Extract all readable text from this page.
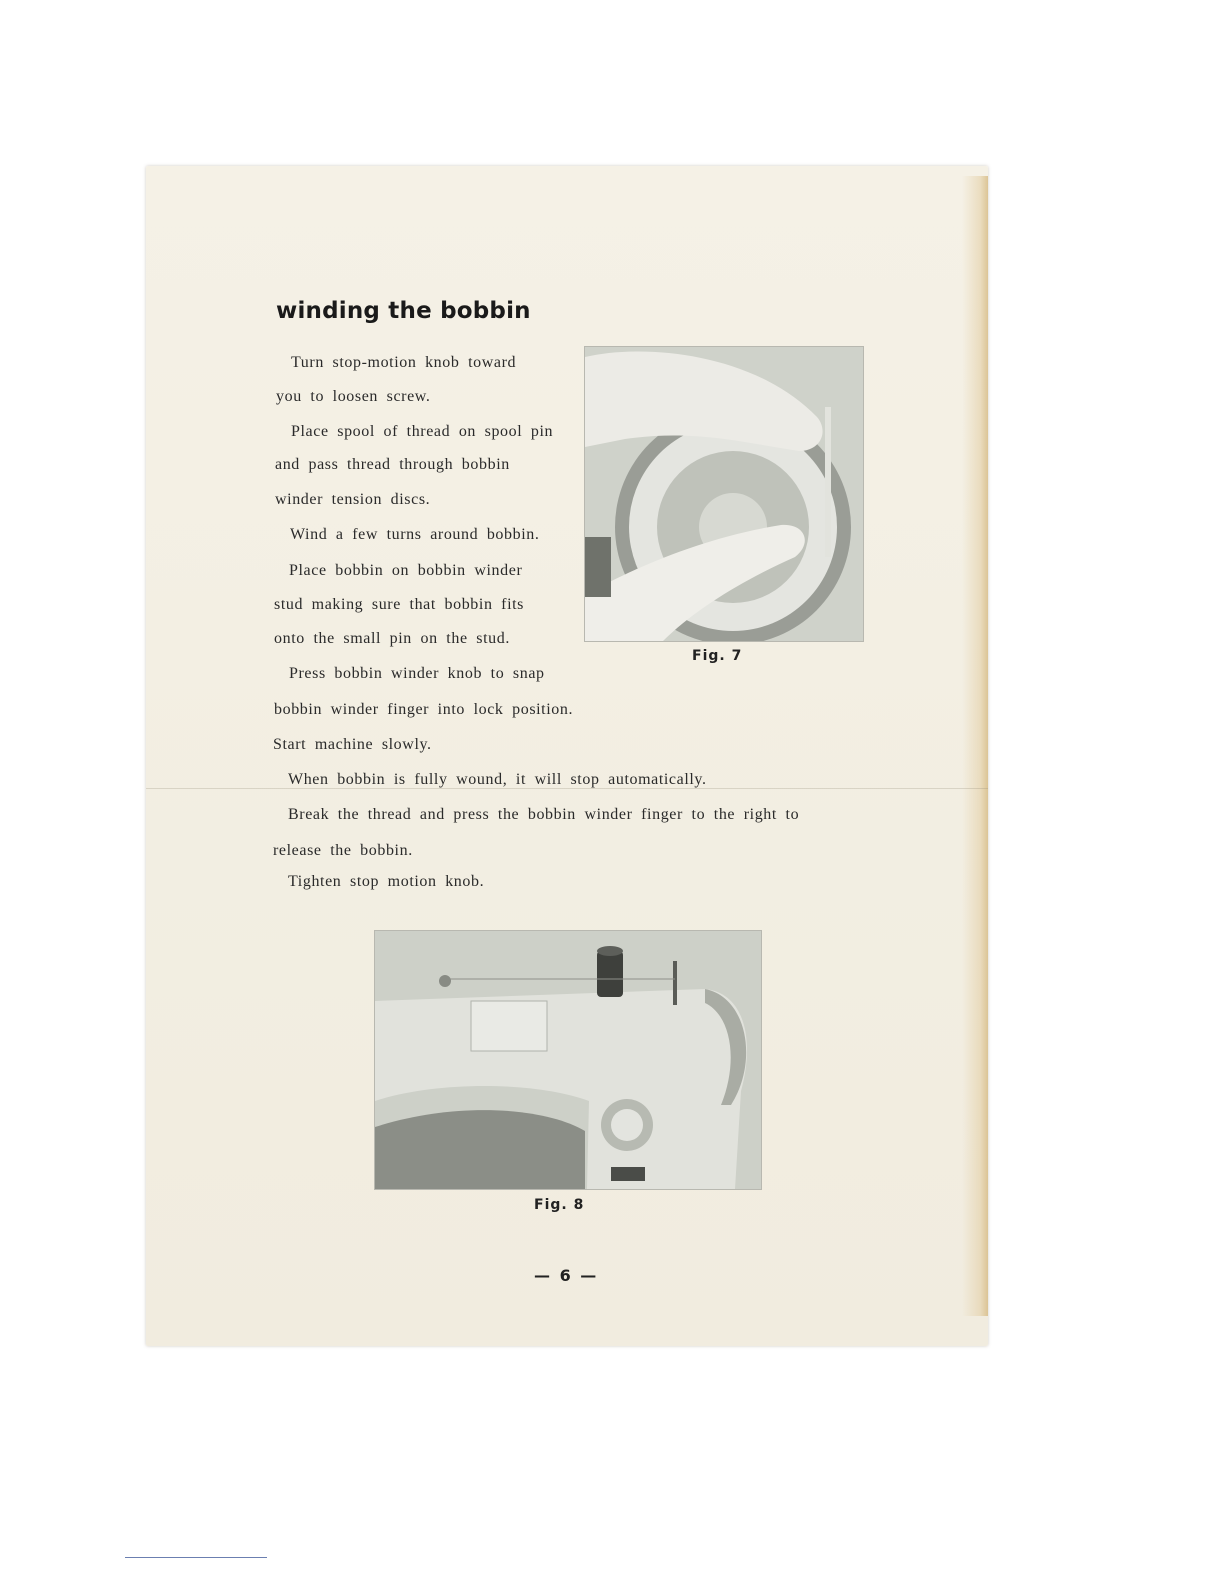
winding the bobbin

Turn stop-motion knob toward

you to loosen screw.

Place spool of thread on spool pin

and pass thread through bobbin

winder tension discs.

Wind a few turns around bobbin.

Place bobbin on bobbin winder

stud making sure that bobbin fits

onto the small pin on the stud.

Press bobbin winder knob to snap

bobbin winder finger into lock position.

Start machine slowly.

When bobbin is fully wound, it will stop automatically.

Break the thread and press the bobbin winder finger to the right to

release the bobbin.

Tighten stop motion knob.

Fig. 7

Fig. 8

— 6 —
